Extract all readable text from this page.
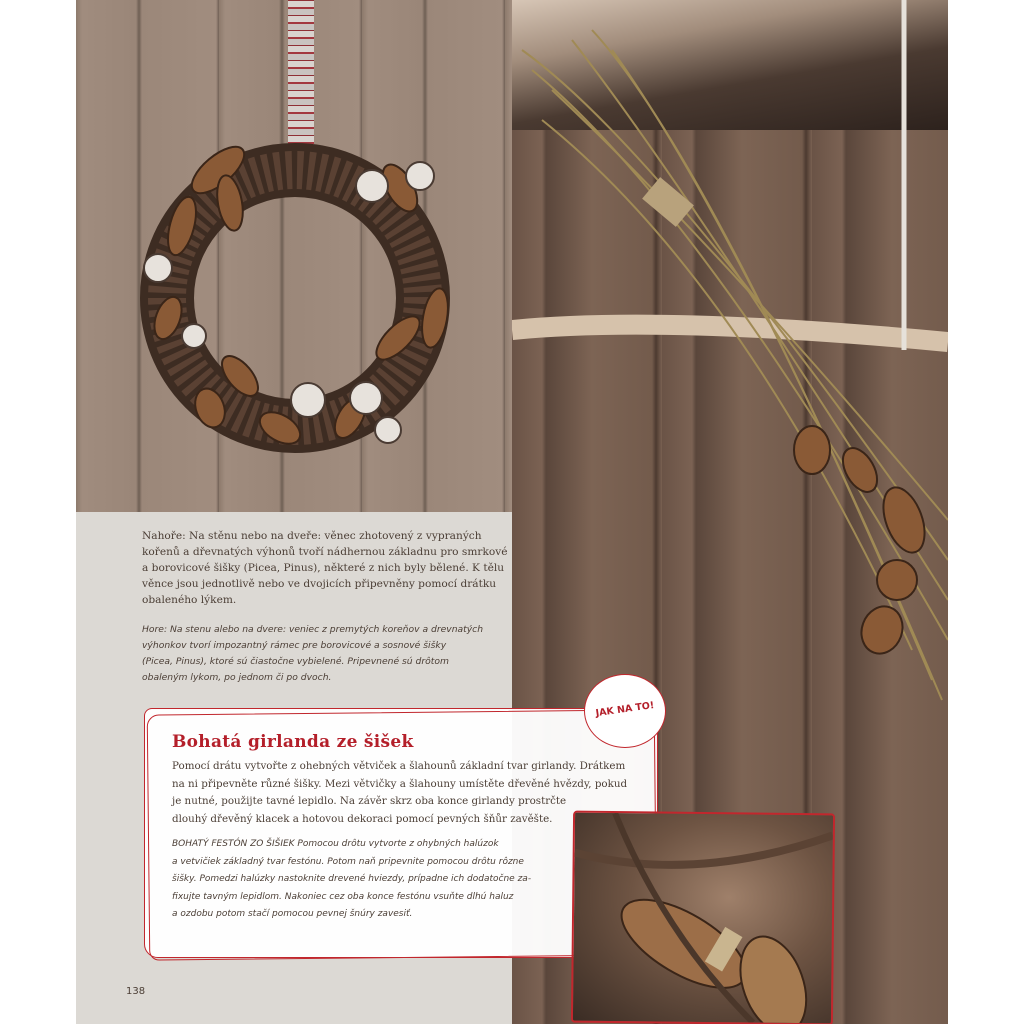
Nahoře: Na stěnu nebo na dveře: věnec zhotovený z vypraných
kořenů a dřevnatých výhonů tvoří nádhernou základnu pro smrkové
a borovicové šišky (Picea, Pinus), některé z nich byly bělené. K tělu
věnce jsou jednotlivě nebo ve dvojicích připevněny pomocí drátku
obaleného lýkem.

Hore: Na stenu alebo na dvere: veniec z premytých koreňov a drevnatých
výhonkov tvorí impozantný rámec pre borovicové a sosnové šišky
(Picea, Pinus), ktoré sú čiastočne vybielené. Pripevnené sú drôtom
obaleným lykom, po jednom či po dvoch.

Bohatá girlanda ze šišek

Pomocí drátu vytvořte z ohebných větviček a šlahounů základní tvar girlandy. Drátkem
na ni připevněte různé šišky. Mezi větvičky a šlahouny umístěte dřevěné hvězdy, pokud
je nutné, použijte tavné lepidlo. Na závěr skrz oba konce girlandy prostrčte
dlouhý dřevěný klacek a hotovou dekoraci pomocí pevných šňůr zavěšte.

BOHATÝ FESTÓN ZO ŠIŠIEK Pomocou drôtu vytvorte z ohybných halúzok
a vetvičiek základný tvar festónu. Potom naň pripevnite pomocou drôtu rôzne
šišky. Pomedzi halúzky nastoknite drevené hviezdy, prípadne ich dodatočne za-
fixujte tavným lepidlom. Nakoniec cez oba konce festónu vsuňte dlhú haluz
a ozdobu potom stačí pomocou pevnej šnúry zavesiť.

JAK NA TO!

138
